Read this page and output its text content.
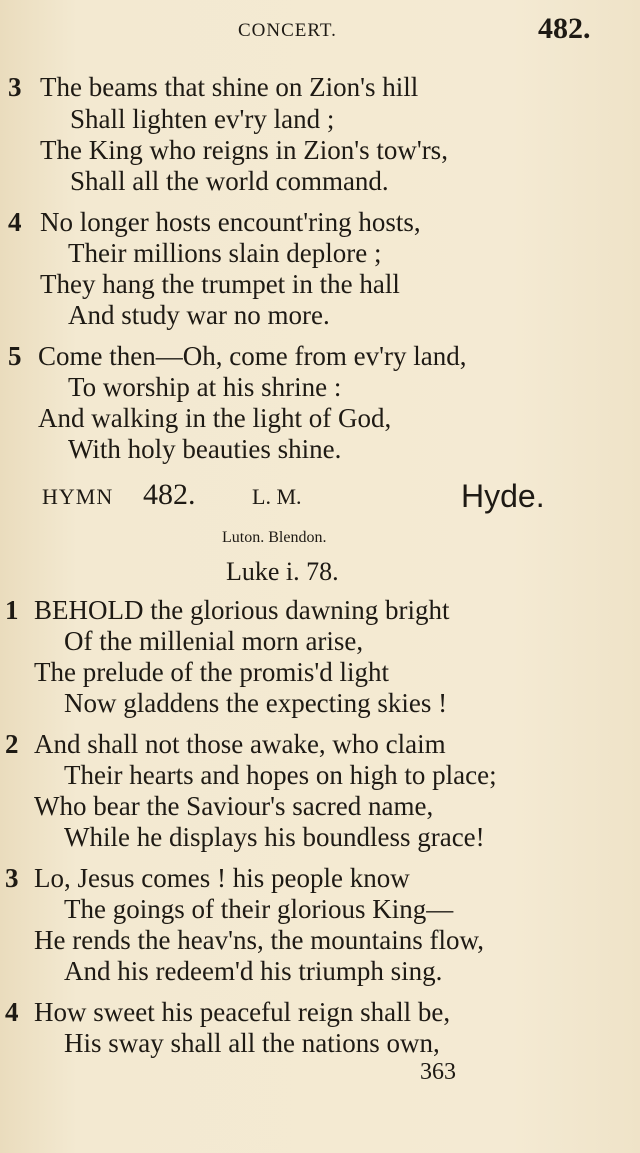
CONCERT.	482.
3 The beams that shine on Zion's hill
Shall lighten ev'ry land ;
The King who reigns in Zion's tow'rs,
Shall all the world command.
4 No longer hosts encount'ring hosts,
Their millions slain deplore ;
They hang the trumpet in the hall
And study war no more.
5 Come then—Oh, come from ev'ry land,
To worship at his shrine :
And walking in the light of God,
With holy beauties shine.
HYMN 482.	L. M.	Hyde.
Luton. Blendon.
Luke i. 78.
1 BEHOLD the glorious dawning bright
Of the millenial morn arise,
The prelude of the promis'd light
Now gladdens the expecting skies !
2 And shall not those awake, who claim
Their hearts and hopes on high to place;
Who bear the Saviour's sacred name,
While he displays his boundless grace!
3 Lo, Jesus comes ! his people know
The goings of their glorious King—
He rends the heav'ns, the mountains flow,
And his redeem'd his triumph sing.
4 How sweet his peaceful reign shall be,
His sway shall all the nations own,
363
